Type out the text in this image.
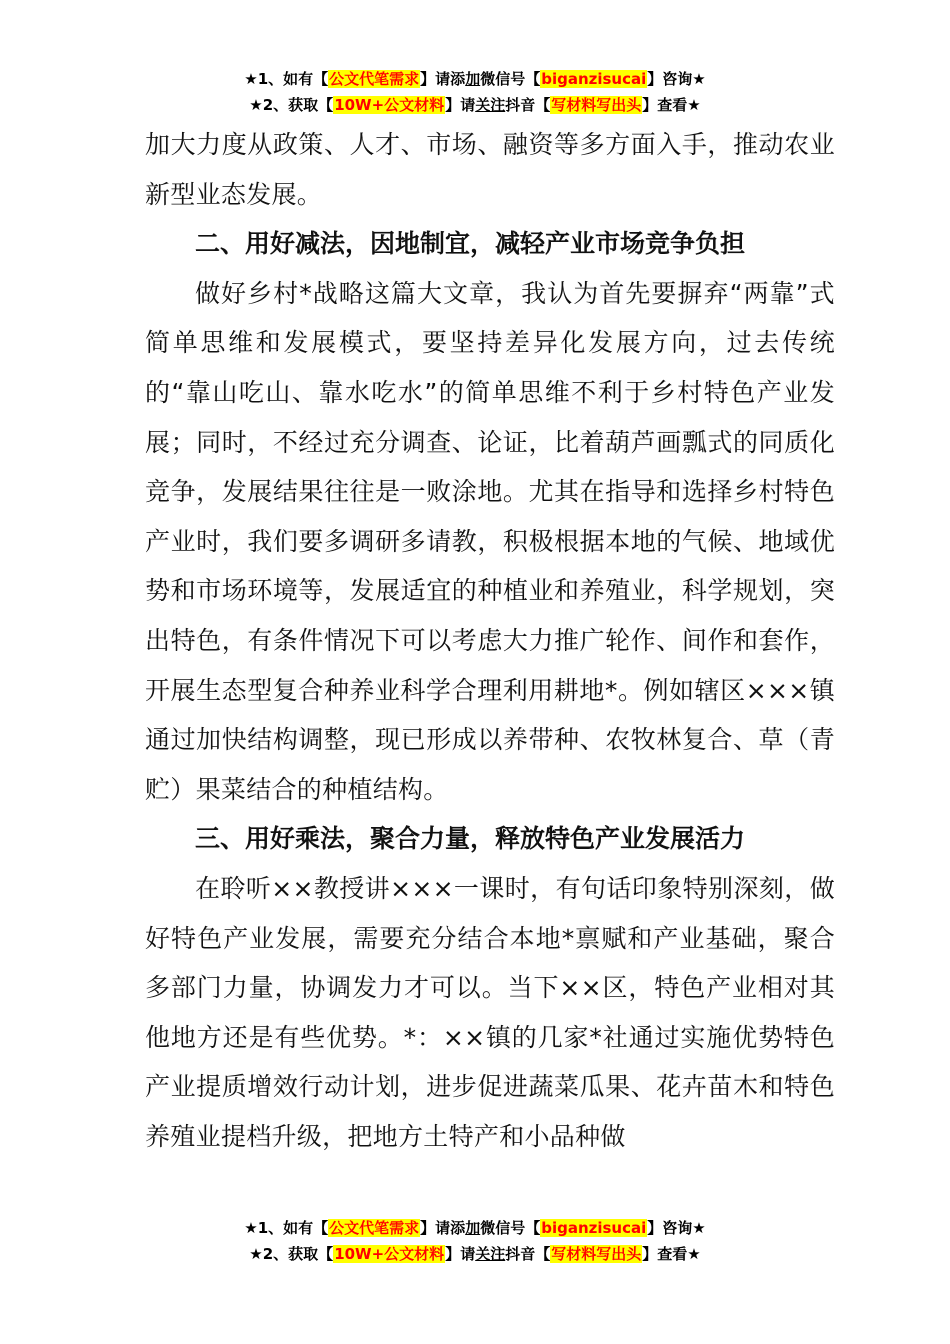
★1、如有【公文代笔需求】请添加微信号【biganzisucai】咨询★
★2、获取【10W+公文材料】请关注抖音【写材料写出头】查看★

加大力度从政策、人才、市场、融资等多方面入手，推动农业新型业态发展。

二、用好减法，因地制宜，减轻产业市场竞争负担

做好乡村*战略这篇大文章，我认为首先要摒弃“两靠”式简单思维和发展模式，要坚持差异化发展方向，过去传统的“靠山吃山、靠水吃水”的简单思维不利于乡村特色产业发展；同时，不经过充分调查、论证，比着葫芦画瓢式的同质化竞争，发展结果往往是一败涂地。尤其在指导和选择乡村特色产业时，我们要多调研多请教，积极根据本地的气候、地域优势和市场环境等，发展适宜的种植业和养殖业，科学规划，突出特色，有条件情况下可以考虑大力推广轮作、间作和套作，开展生态型复合种养业科学合理利用耕地*。例如辖区×××镇通过加快结构调整，现已形成以养带种、农牧林复合、草（青贮）果菜结合的种植结构。

三、用好乘法，聚合力量，释放特色产业发展活力

在聆听××教授讲×××一课时，有句话印象特别深刻，做好特色产业发展，需要充分结合本地*禀赋和产业基础，聚合多部门力量，协调发力才可以。当下××区，特色产业相对其他地方还是有些优势。*：××镇的几家*社通过实施优势特色产业提质增效行动计划，进步促进蔬菜瓜果、花卉苗木和特色养殖业提档升级，把地方土特产和小品种做

★1、如有【公文代笔需求】请添加微信号【biganzisucai】咨询★
★2、获取【10W+公文材料】请关注抖音【写材料写出头】查看★
